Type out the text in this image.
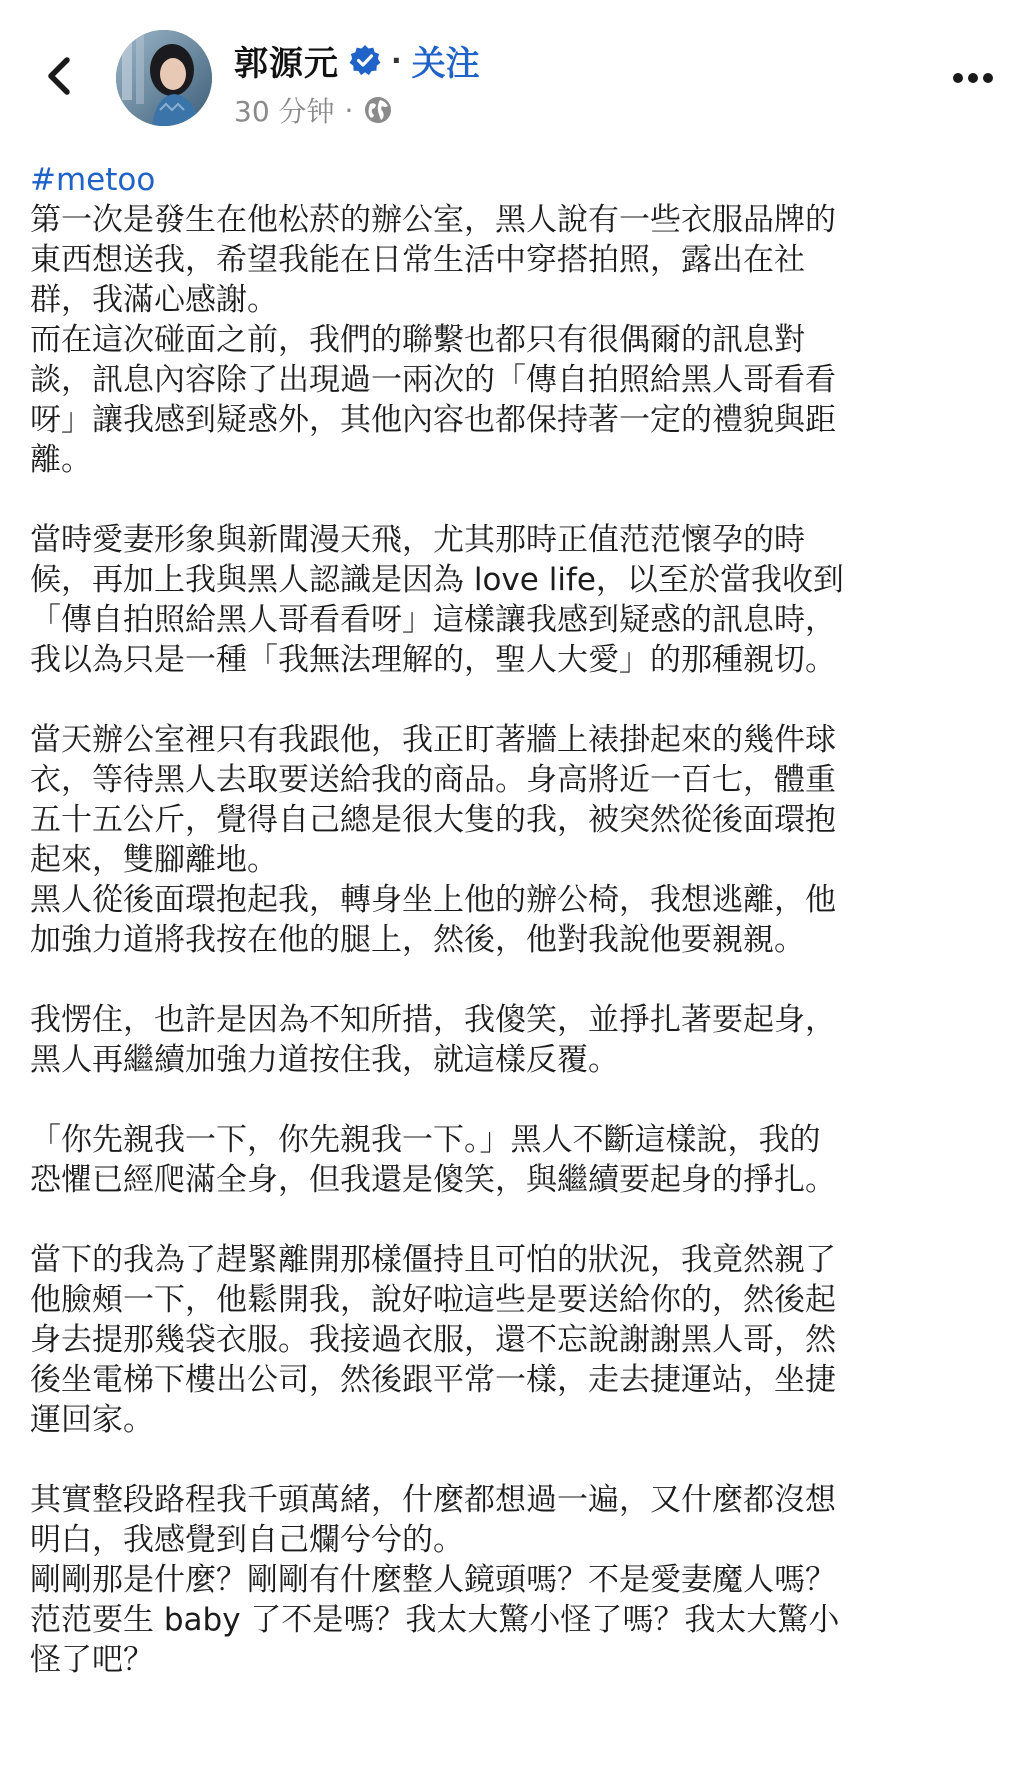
郭源元 · 关注
30 分钟 ·
#metoo
第一次是發生在他松菸的辦公室，黑人說有一些衣服品牌的
東西想送我，希望我能在日常生活中穿搭拍照，露出在社
群，我滿心感謝。
而在這次碰面之前，我們的聯繫也都只有很偶爾的訊息對
談，訊息內容除了出現過一兩次的「傳自拍照給黑人哥看看
呀」讓我感到疑惑外，其他內容也都保持著一定的禮貌與距
離。
當時愛妻形象與新聞漫天飛，尤其那時正值范范懷孕的時
候，再加上我與黑人認識是因為 love life，以至於當我收到
「傳自拍照給黑人哥看看呀」這樣讓我感到疑惑的訊息時，
我以為只是一種「我無法理解的，聖人大愛」的那種親切。
當天辦公室裡只有我跟他，我正盯著牆上裱掛起來的幾件球
衣，等待黑人去取要送給我的商品。身高將近一百七，體重
五十五公斤，覺得自己總是很大隻的我，被突然從後面環抱
起來，雙腳離地。
黑人從後面環抱起我，轉身坐上他的辦公椅，我想逃離，他
加強力道將我按在他的腿上，然後，他對我說他要親親。
我愣住，也許是因為不知所措，我傻笑，並掙扎著要起身，
黑人再繼續加強力道按住我，就這樣反覆。
「你先親我一下，你先親我一下。」黑人不斷這樣說，我的
恐懼已經爬滿全身，但我還是傻笑，與繼續要起身的掙扎。
當下的我為了趕緊離開那樣僵持且可怕的狀況，我竟然親了
他臉頰一下，他鬆開我，說好啦這些是要送給你的，然後起
身去提那幾袋衣服。我接過衣服，還不忘說謝謝黑人哥，然
後坐電梯下樓出公司，然後跟平常一樣，走去捷運站，坐捷
運回家。
其實整段路程我千頭萬緒，什麼都想過一遍，又什麼都沒想
明白，我感覺到自己爛兮兮的。
剛剛那是什麼？剛剛有什麼整人鏡頭嗎？不是愛妻魔人嗎？
范范要生 baby 了不是嗎？我太大驚小怪了嗎？我太大驚小
怪了吧？
